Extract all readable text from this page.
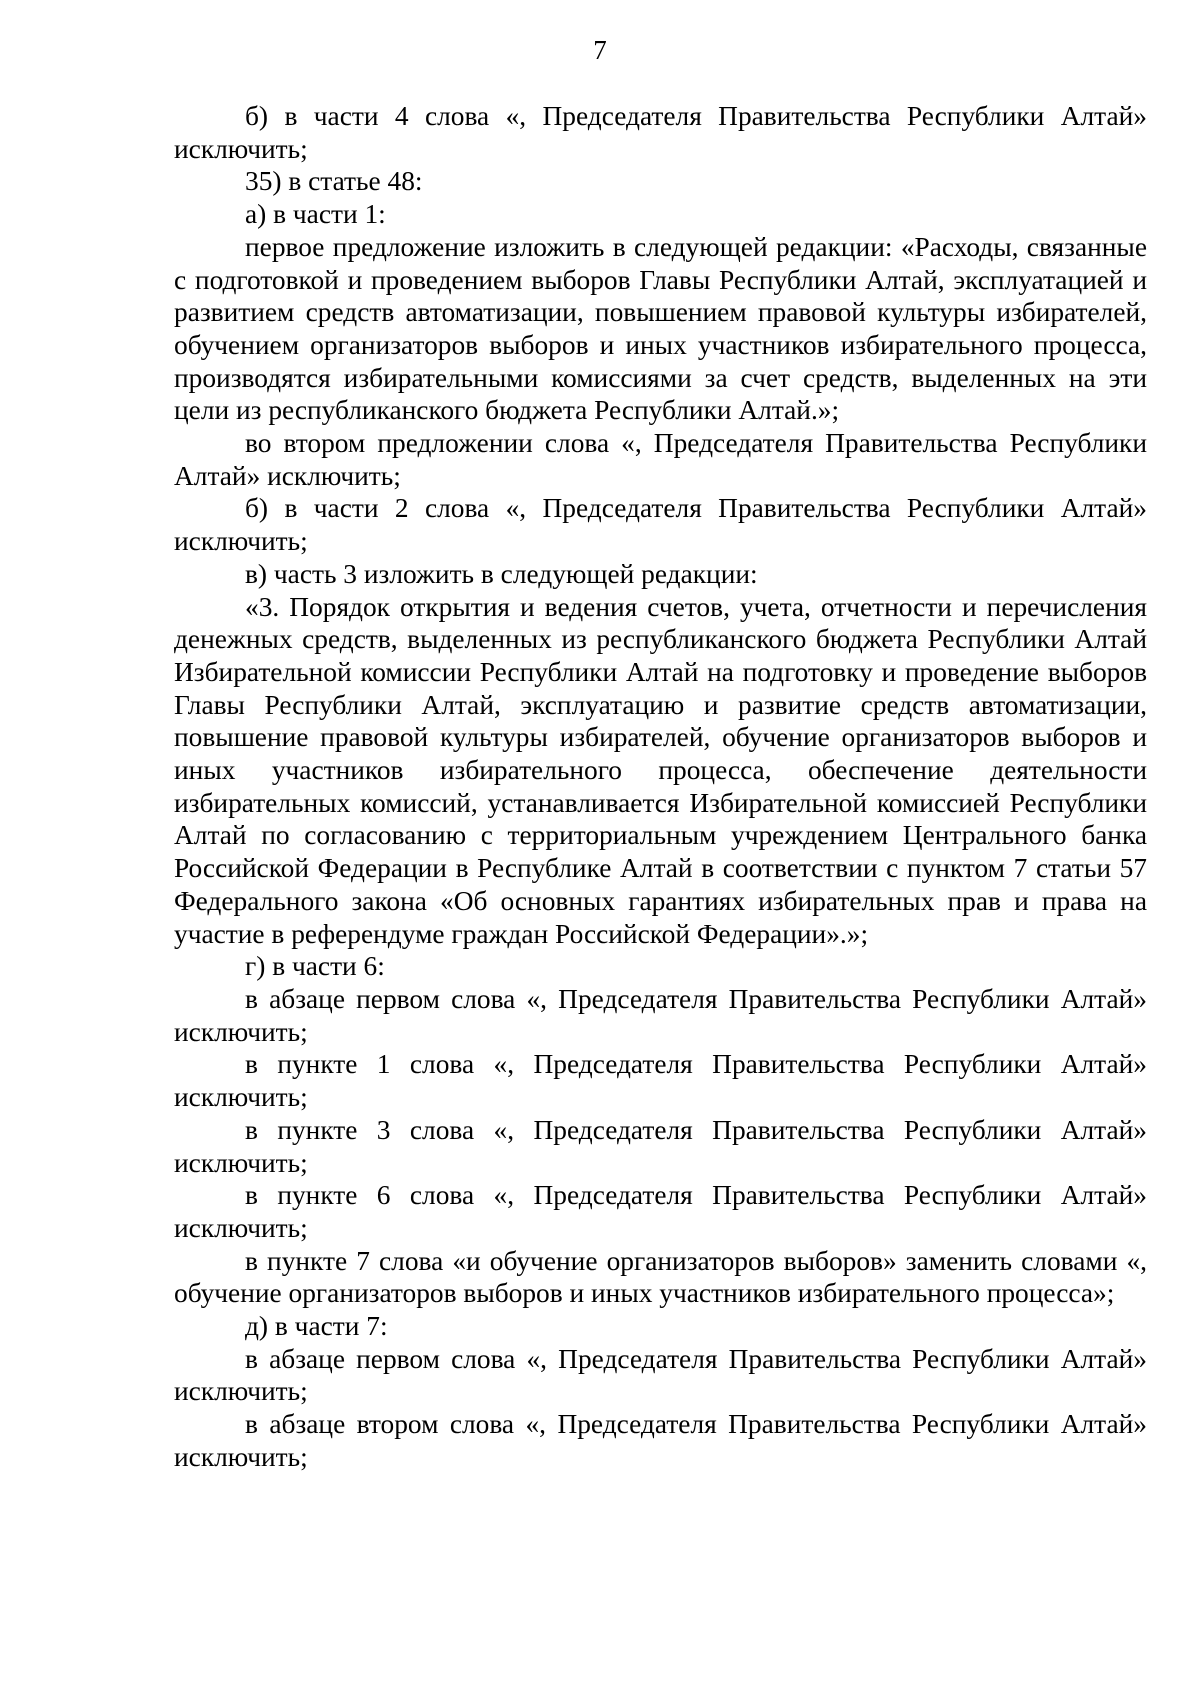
7

б) в части 4 слова «, Председателя Правительства Республики Алтай» исключить;

35) в статье 48:

а) в части 1:

первое предложение изложить в следующей редакции: «Расходы, связанные с подготовкой и проведением выборов Главы Республики Алтай, эксплуатацией и развитием средств автоматизации, повышением правовой культуры избирателей, обучением организаторов выборов и иных участников избирательного процесса, производятся избирательными комиссиями за счет средств, выделенных на эти цели из республиканского бюджета Республики Алтай.»;

во втором предложении слова «, Председателя Правительства Республики Алтай» исключить;

б) в части 2 слова «, Председателя Правительства Республики Алтай» исключить;

в) часть 3 изложить в следующей редакции:

«3. Порядок открытия и ведения счетов, учета, отчетности и перечисления денежных средств, выделенных из республиканского бюджета Республики Алтай Избирательной комиссии Республики Алтай на подготовку и проведение выборов Главы Республики Алтай, эксплуатацию и развитие средств автоматизации, повышение правовой культуры избирателей, обучение организаторов выборов и иных участников избирательного процесса, обеспечение деятельности избирательных комиссий, устанавливается Избирательной комиссией Республики Алтай по согласованию с территориальным учреждением Центрального банка Российской Федерации в Республике Алтай в соответствии с пунктом 7 статьи 57 Федерального закона «Об основных гарантиях избирательных прав и права на участие в референдуме граждан Российской Федерации».»;

г) в части 6:

в абзаце первом слова «, Председателя Правительства Республики Алтай» исключить;

в пункте 1 слова «, Председателя Правительства Республики Алтай» исключить;

в пункте 3 слова «, Председателя Правительства Республики Алтай» исключить;

в пункте 6 слова «, Председателя Правительства Республики Алтай» исключить;

в пункте 7 слова «и обучение организаторов выборов» заменить словами «, обучение организаторов выборов и иных участников избирательного процесса»;

д) в части 7:

в абзаце первом слова «, Председателя Правительства Республики Алтай» исключить;

в абзаце втором слова «, Председателя Правительства Республики Алтай» исключить;
